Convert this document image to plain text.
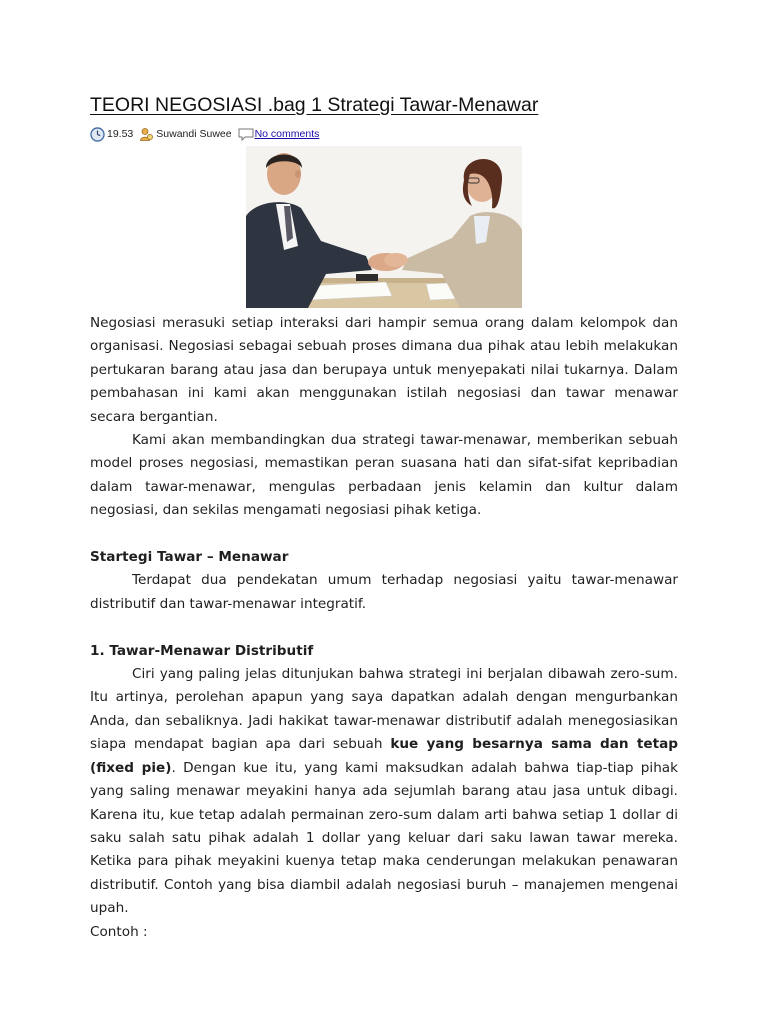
TEORI NEGOSIASI .bag 1 Strategi Tawar-Menawar
19.53 Suwandi Suwee No comments

Negosiasi merasuki setiap interaksi dari hampir semua orang dalam kelompok dan organisasi. Negosiasi sebagai sebuah proses dimana dua pihak atau lebih melakukan pertukaran barang atau jasa dan berupaya untuk menyepakati nilai tukarnya. Dalam pembahasan ini kami akan menggunakan istilah negosiasi dan tawar menawar secara bergantian.

Kami akan membandingkan dua strategi tawar-menawar, memberikan sebuah model proses negosiasi, memastikan peran suasana hati dan sifat-sifat kepribadian dalam tawar-menawar, mengulas perbadaan jenis kelamin dan kultur dalam negosiasi, dan sekilas mengamati negosiasi pihak ketiga.

Startegi Tawar – Menawar

Terdapat dua pendekatan umum terhadap negosiasi yaitu tawar-menawar distributif dan tawar-menawar integratif.

1. Tawar-Menawar Distributif

Ciri yang paling jelas ditunjukan bahwa strategi ini berjalan dibawah zero-sum. Itu artinya, perolehan apapun yang saya dapatkan adalah dengan mengurbankan Anda, dan sebaliknya. Jadi hakikat tawar-menawar distributif adalah menegosiasikan siapa mendapat bagian apa dari sebuah kue yang besarnya sama dan tetap (fixed pie). Dengan kue itu, yang kami maksudkan adalah bahwa tiap-tiap pihak yang saling menawar meyakini hanya ada sejumlah barang atau jasa untuk dibagi. Karena itu, kue tetap adalah permainan zero-sum dalam arti bahwa setiap 1 dollar di saku salah satu pihak adalah 1 dollar yang keluar dari saku lawan tawar mereka. Ketika para pihak meyakini kuenya tetap maka cenderungan melakukan penawaran distributif. Contoh yang bisa diambil adalah negosiasi buruh – manajemen mengenai upah.

Contoh :
